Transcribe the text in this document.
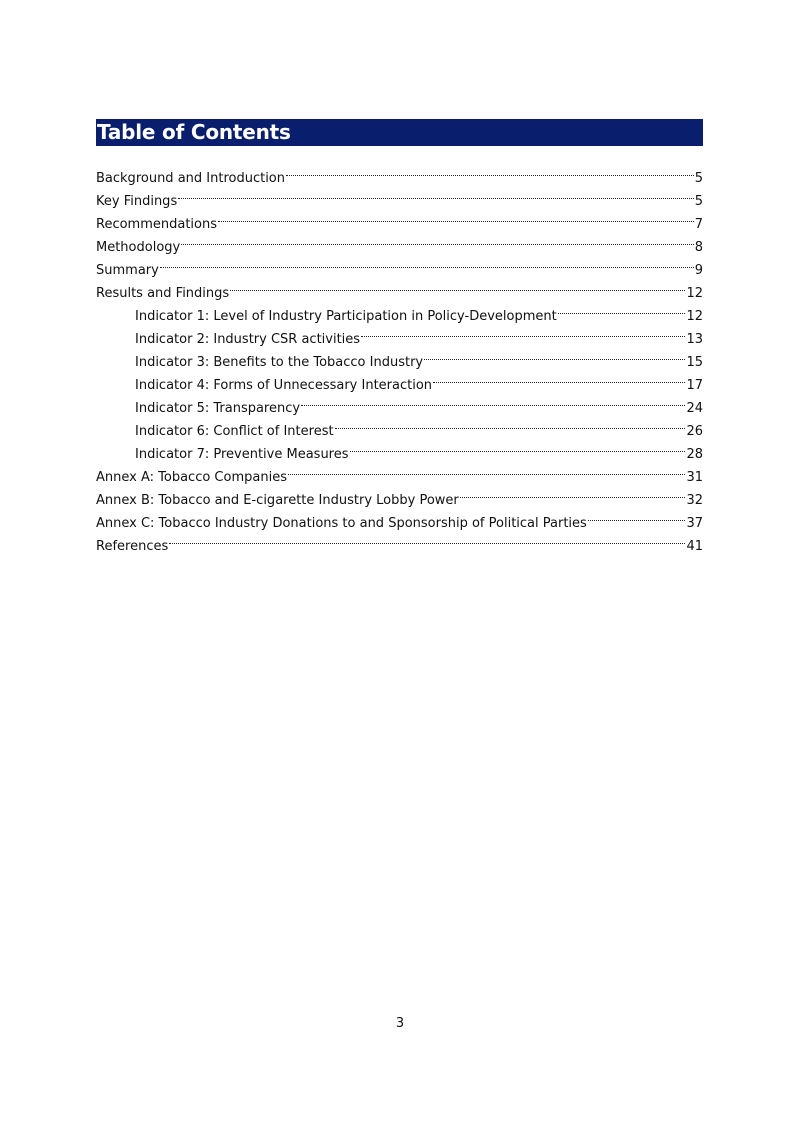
Table of Contents
Background and Introduction	5
Key Findings	5
Recommendations	7
Methodology	8
Summary	9
Results and Findings	12
Indicator 1: Level of Industry Participation in Policy-Development	12
Indicator 2: Industry CSR activities	13
Indicator 3: Benefits to the Tobacco Industry	15
Indicator 4: Forms of Unnecessary Interaction	17
Indicator 5: Transparency	24
Indicator 6: Conflict of Interest	26
Indicator 7: Preventive Measures	28
Annex A: Tobacco Companies	31
Annex B: Tobacco and E-cigarette Industry Lobby Power	32
Annex C: Tobacco Industry Donations to and Sponsorship of Political Parties	37
References	41
3
